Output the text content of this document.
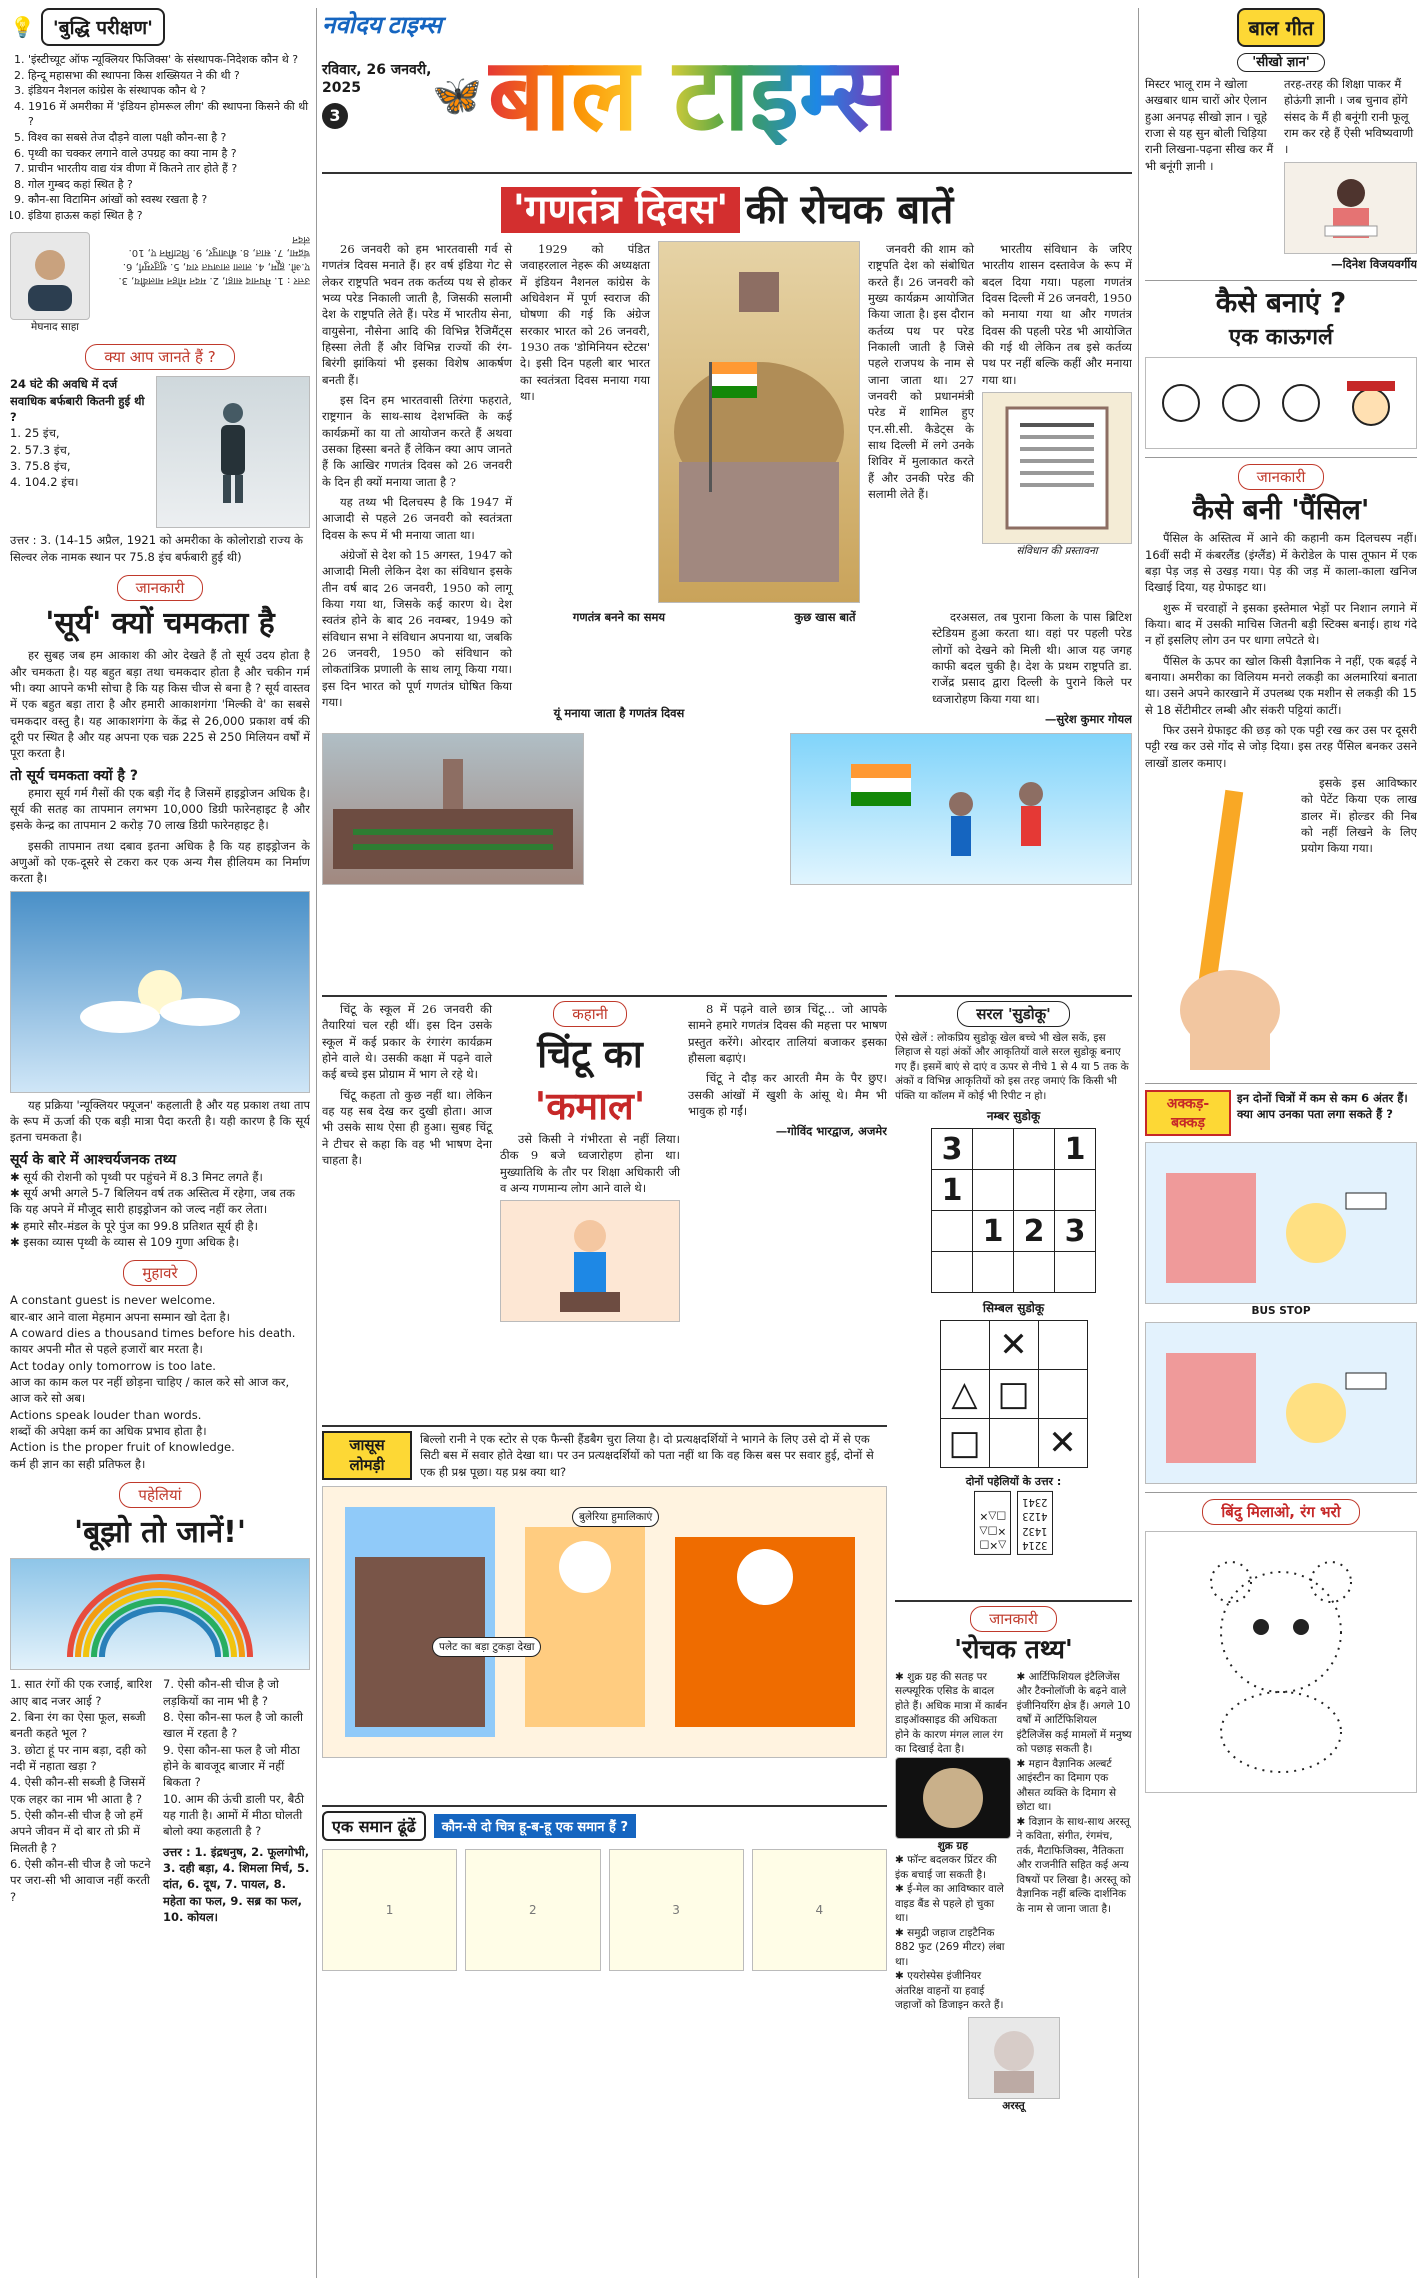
💡 'बुद्धि परीक्षण'
1. 'इंस्टीच्यूट ऑफ न्यूक्लियर फिजिक्स' के संस्थापक-निदेशक कौन थे ?
2. हिन्दू महासभा की स्थापना किस शख्सियत ने की थी ?
3. इंडियन नैशनल कांग्रेस के संस्थापक कौन थे ?
4. 1916 में अमरीका में 'इंडियन होमरूल लीग' की स्थापना किसने की थी ?
5. विश्व का सबसे तेज दौड़ने वाला पक्षी कौन-सा है ?
6. पृथ्वी का चक्कर लगाने वाले उपग्रह का क्या नाम है ?
7. प्राचीन भारतीय वाद्य यंत्र वीणा में कितने तार होते हैं ?
8. गोल गुम्बद कहां स्थित है ?
9. कौन-सा विटामिन आंखों को स्वस्थ रखता है ?
10. इंडिया हाऊस कहां स्थित है ?
मेघनाद साहा
उत्तर : 1. मेघनाद साहा, 2. मदन मोहन मालवीय, 3. ए.ओ. ह्यूम, 4. लाला लाजपत राय, 5. शुतुरमुर्ग, 6. चंद्रमा, 7. सात, 8. बीजापुर, 9. विटामिन ए, 10. लंदन
क्या आप जानते हैं ?
24 घंटे की अवधि में दर्ज सवाधिक बर्फबारी कितनी हुई थी ?
1. 25 इंच,
2. 57.3 इंच,
3. 75.8 इंच,
4. 104.2 इंच।
उत्तर : 3. (14-15 अप्रैल, 1921 को अमरीका के कोलोराडो राज्य के सिल्वर लेक नामक स्थान पर 75.8 इंच बर्फबारी हुई थी)
जानकारी
'सूर्य' क्यों चमकता है

हर सुबह जब हम आकाश की ओर देखते हैं तो सूर्य उदय होता है और चमकता है। यह बहुत बड़ा तथा चमकदार होता है और चकीन गर्म भी। क्या आपने कभी सोचा है कि यह किस चीज से बना है ? सूर्य वास्तव में एक बहुत बड़ा तारा है और हमारी आकाशगंगा 'मिल्की वे' का सबसे चमकदार वस्तु है। यह आकाशगंगा के केंद्र से 26,000 प्रकाश वर्ष की दूरी पर स्थित है और यह अपना एक चक्र 225 से 250 मिलियन वर्षों में पूरा करता है।

तो सूर्य चमकता क्यों है ?

हमारा सूर्य गर्म गैसों की एक बड़ी गेंद है जिसमें हाइड्रोजन अधिक है। सूर्य की सतह का तापमान लगभग 10,000 डिग्री फारेनहाइट है और इसके केन्द्र का तापमान 2 करोड़ 70 लाख डिग्री फारेनहाइट है।

इसकी तापमान तथा दबाव इतना अधिक है कि यह हाइड्रोजन के अणुओं को एक-दूसरे से टकरा कर एक अन्य गैस हीलियम का निर्माण करता है।

यह प्रक्रिया 'न्यूक्लियर फ्यूजन' कहलाती है और यह प्रकाश तथा ताप के रूप में ऊर्जा की एक बड़ी मात्रा पैदा करती है। यही कारण है कि सूर्य इतना चमकता है।

सूर्य के बारे में आश्चर्यजनक तथ्य
✱ सूर्य की रोशनी को पृथ्वी पर पहुंचने में 8.3 मिनट लगते हैं।
✱ सूर्य अभी अगले 5-7 बिलियन वर्ष तक अस्तित्व में रहेगा, जब तक कि यह अपने में मौजूद सारी हाइड्रोजन को जल्द नहीं कर लेता।
✱ हमारे सौर-मंडल के पूरे पुंज का 99.8 प्रतिशत सूर्य ही है।
✱ इसका व्यास पृथ्वी के व्यास से 109 गुणा अधिक है।
मुहावरे
A constant guest is never welcome.
बार-बार आने वाला मेहमान अपना सम्मान खो देता है।
A coward dies a thousand times before his death.
कायर अपनी मौत से पहले हजारों बार मरता है।
Act today only tomorrow is too late.
आज का काम कल पर नहीं छोड़ना चाहिए / काल करे सो आज कर, आज करे सो अब।
Actions speak louder than words.
शब्दों की अपेक्षा कर्म का अधिक प्रभाव होता है।
Action is the proper fruit of knowledge.
कर्म ही ज्ञान का सही प्रतिफल है।
पहेलियां
'बूझो तो जानें!'
1. सात रंगों की एक रजाई, बारिश आए बाद नजर आई ?
2. बिना रंग का ऐसा फूल, सब्जी बनती कहते भूल ?
3. छोटा हूं पर नाम बड़ा, दही को नदी में नहाता खड़ा ?
4. ऐसी कौन-सी सब्जी है जिसमें एक लहर का नाम भी आता है ?
5. ऐसी कौन-सी चीज है जो हमें अपने जीवन में दो बार तो फ्री में मिलती है ?
6. ऐसी कौन-सी चीज है जो फटने पर जरा-सी भी आवाज नहीं करती ?
7. ऐसी कौन-सी चीज है जो लड़कियों का नाम भी है ?
8. ऐसा कौन-सा फल है जो काली खाल में रहता है ?
9. ऐसा कौन-सा फल है जो मीठा होने के बावजूद बाजार में नहीं बिकता ?
10. आम की ऊंची डाली पर, बैठी यह गाती है। आमों में मीठा घोलती बोलो क्या कहलाती है ?
उत्तर : 1. इंद्रधनुष, 2. फूलगोभी, 3. दही बड़ा, 4. शिमला मिर्च, 5. दांत, 6. दूध, 7. पायल, 8. महेता का फल, 9. सब्र का फल, 10. कोयल।
नवोदय टाइम्स
रविवार, 26 जनवरी, 2025
3	🦋 बाल टाइम्स
'गणतंत्र दिवस' की रोचक बातें

26 जनवरी को हम भारतवासी गर्व से गणतंत्र दिवस मनाते हैं। हर वर्ष इंडिया गेट से लेकर राष्ट्रपति भवन तक कर्तव्य पथ से होकर भव्य परेड निकाली जाती है, जिसकी सलामी देश के राष्ट्रपति लेते हैं। परेड में भारतीय सेना, वायुसेना, नौसेना आदि की विभिन्न रैजिमैंट्स हिस्सा लेती हैं और विभिन्न राज्यों की रंग-बिरंगी झांकियां भी इसका विशेष आकर्षण बनती हैं।

इस दिन हम भारतवासी तिरंगा फहराते, राष्ट्रगान के साथ-साथ देशभक्ति के कई कार्यक्रमों का या तो आयोजन करते हैं अथवा उसका हिस्सा बनते हैं लेकिन क्या आप जानते हैं कि आखिर गणतंत्र दिवस को 26 जनवरी के दिन ही क्यों मनाया जाता है ?

यह तथ्य भी दिलचस्प है कि 1947 में आजादी से पहले 26 जनवरी को स्वतंत्रता दिवस के रूप में भी मनाया जाता था।

अंग्रेजों से देश को 15 अगस्त, 1947 को आजादी मिली लेकिन देश का संविधान इसके तीन वर्ष बाद 26 जनवरी, 1950 को लागू किया गया था, जिसके कई कारण थे। देश स्वतंत्र होने के बाद 26 नवम्बर, 1949 को संविधान सभा ने संविधान अपनाया था, जबकि 26 जनवरी, 1950 को संविधान को लोकतांत्रिक प्रणाली के साथ लागू किया गया। इस दिन भारत को पूर्ण गणतंत्र घोषित किया गया।

1929 को पंडित जवाहरलाल नेहरू की अध्यक्षता में इंडियन नैशनल कांग्रेस के अधिवेशन में पूर्ण स्वराज की घोषणा की गई कि अंग्रेज सरकार भारत को 26 जनवरी, 1930 तक 'डोमिनियन स्टेटस' दे। इसी दिन पहली बार भारत का स्वतंत्रता दिवस मनाया गया था।

जनवरी की शाम को राष्ट्रपति देश को संबोधित करते हैं। 26 जनवरी को मुख्य कार्यक्रम आयोजित किया जाता है। इस दौरान कर्तव्य पथ पर परेड निकाली जाती है जिसे पहले राजपथ के नाम से जाना जाता था। 27 जनवरी को प्रधानमंत्री परेड में शामिल हुए एन.सी.सी. कैडेट्स के साथ दिल्ली में लगे उनके शिविर में मुलाकात करते हैं और उनकी परेड की सलामी लेते हैं।

भारतीय संविधान के जरिए भारतीय शासन दस्तावेज के रूप में बदल दिया गया। पहला गणतंत्र दिवस दिल्ली में 26 जनवरी, 1950 को मनाया गया था और गणतंत्र दिवस की पहली परेड भी आयोजित की गई थी लेकिन तब इसे कर्तव्य पथ पर नहीं बल्कि कहीं और मनाया गया था।

संविधान की प्रस्तावना
गणतंत्र बनने का समय
यूं मनाया जाता है गणतंत्र दिवस
कुछ खास बातें	दरअसल, तब पुराना किला के पास ब्रिटिश स्टेडियम हुआ करता था। वहां पर पहली परेड लोगों को देखने को मिली थी। आज यह जगह काफी बदल चुकी है। देश के प्रथम राष्ट्रपति डा. राजेंद्र प्रसाद द्वारा दिल्ली के पुराने किले पर ध्वजारोहण किया गया था।

—सुरेश कुमार गोयल

चिंटू के स्कूल में 26 जनवरी की तैयारियां चल रही थीं। इस दिन उसके स्कूल में कई प्रकार के रंगारंग कार्यक्रम होने वाले थे। उसकी कक्षा में पढ़ने वाले कई बच्चे इस प्रोग्राम में भाग ले रहे थे।

चिंटू कहता तो कुछ नहीं था। लेकिन वह यह सब देख कर दुखी होता। आज भी उसके साथ ऐसा ही हुआ। सुबह चिंटू ने टीचर से कहा कि वह भी भाषण देना चाहता है।

कहानी
चिंटू का
'कमाल'

उसे किसी ने गंभीरता से नहीं लिया। ठीक 9 बजे ध्वजारोहण होना था। मुख्यातिथि के तौर पर शिक्षा अधिकारी जी व अन्य गणमान्य लोग आने वाले थे।

8 में पढ़ने वाले छात्र चिंटू... जो आपके सामने हमारे गणतंत्र दिवस की महत्ता पर भाषण प्रस्तुत करेंगे। ओरदार तालियां बजाकर इसका हौसला बढ़ाएं।

चिंटू ने दौड़ कर आरती मैम के पैर छुए। उसकी आंखों में खुशी के आंसू थे। मैम भी भावुक हो गईं।

—गोविंद भारद्वाज, अजमेर
सरल 'सुडोकू'
ऐसे खेलें : लोकप्रिय सुडोकू खेल बच्चे भी खेल सकें, इस लिहाज से यहां अंकों और आकृतियों वाले सरल सुडोकू बनाए गए हैं। इसमें बाएं से दाएं व ऊपर से नीचे 1 से 4 या 5 तक के अंकों व विभिन्न आकृतियों को इस तरह जमाएं कि किसी भी पंक्ति या कॉलम में कोई भी रिपीट न हो।
नम्बर सुडोकू
3			1
1			
	1	2	3

सिम्बल सुडोकू
	✕	
△	□	
□		✕
दोनों पहेलियों के उत्तर :
3214
1432
4123
2341
△✕□
✕□△
□△✕
जासूस लोमड़ी
बिल्लो रानी ने एक स्टोर से एक फैन्सी हैंडबैग चुरा लिया है। दो प्रत्यक्षदर्शियों ने भागने के लिए उसे दो में से एक सिटी बस में सवार होते देखा था। पर उन प्रत्यक्षदर्शियों को पता नहीं था कि वह किस बस पर सवार हुई, दोनों से एक ही प्रश्न पूछा। यह प्रश्न क्या था?
बुलेरिया हुमालिकाएं
पलेट का बड़ा टुकड़ा देखा
एक समान ढूंढें	कौन-से दो चित्र हू-ब-हू एक समान हैं ?
1	2	3	4
जानकारी
'रोचक तथ्य'
✱ शुक्र ग्रह की सतह पर सल्फ्यूरिक एसिड के बादल होते हैं। अधिक मात्रा में कार्बन डाइऑक्साइड की अधिकता होने के कारण मंगल लाल रंग का दिखाई देता है।
शुक्र ग्रह
✱ फॉन्ट बदलकर प्रिंटर की इंक बचाई जा सकती है।
✱ ई-मेल का आविष्कार वाले वाइड बैंड से पहले हो चुका था।
✱ समुद्री जहाज टाइटैनिक 882 फुट (269 मीटर) लंबा था।
✱ एयरोस्पेस इंजीनियर अंतरिक्ष वाहनों या हवाई जहाजों को डिजाइन करते हैं।
✱ आर्टिफिशियल इंटैलिजेंस और टैक्नोलॉजी के बढ़ने वाले इंजीनियरिंग क्षेत्र हैं। अगले 10 वर्षों में आर्टिफिशियल इंटैलिजेंस कई मामलों में मनुष्य को पछाड़ सकती है।
✱ महान वैज्ञानिक अल्बर्ट आइंस्टीन का दिमाग एक औसत व्यक्ति के दिमाग से छोटा था।
✱ विज्ञान के साथ-साथ अरस्तू ने कविता, संगीत, रंगमंच, तर्क, मैटाफिजिक्स, नैतिकता और राजनीति सहित कई अन्य विषयों पर लिखा है। अरस्तू को वैज्ञानिक नहीं बल्कि दार्शनिक के नाम से जाना जाता है।
अरस्तू
बाल गीत
'सीखो ज्ञान'
मिस्टर भालू राम ने खोला अखबार धाम चारों ओर ऐलान हुआ अनपढ़ सीखो ज्ञान । चूहे राजा से यह सुन बोली चिड़िया रानी लिखना-पढ़ना सीख कर मैं भी बनूंगी ज्ञानी ।
तरह-तरह की शिक्षा पाकर मैं होऊंगी ज्ञानी । जब चुनाव होंगे संसद के मैं ही बनूंगी रानी फूलू राम कर रहे हैं ऐसी भविष्यवाणी ।
—दिनेश विजयवर्गीय
कैसे बनाएं ?
एक काऊगर्ल
जानकारी
कैसे बनी 'पैंसिल'

पैंसिल के अस्तित्व में आने की कहानी कम दिलचस्प नहीं। 16वीं सदी में कंबरलैंड (इंग्लैंड) में केरोडेल के पास तूफान में एक बड़ा पेड़ जड़ से उखड़ गया। पेड़ की जड़ में काला-काला खनिज दिखाई दिया, यह ग्रेफाइट था।

शुरू में चरवाहों ने इसका इस्तेमाल भेड़ों पर निशान लगाने में किया। बाद में उसकी माचिस जितनी बड़ी स्टिक्स बनाई। हाथ गंदे न हों इसलिए लोग उन पर धागा लपेटते थे।

पैंसिल के ऊपर का खोल किसी वैज्ञानिक ने नहीं, एक बढ़ई ने बनाया। अमरीका का विलियम मनरो लकड़ी का अलमारियां बनाता था। उसने अपने कारखाने में उपलब्ध एक मशीन से लकड़ी की 15 से 18 सेंटीमीटर लम्बी और संकरी पट्टियां काटीं।

फिर उसने ग्रेफाइट की छड़ को एक पट्टी रख कर उस पर दूसरी पट्टी रख कर उसे गोंद से जोड़ दिया। इस तरह पैंसिल बनकर उसने लाखों डालर कमाए।

इसके इस आविष्कार को पेटेंट किया एक लाख डालर में। होल्डर की निब को नहीं लिखने के लिए प्रयोग किया गया।

अक्कड़-बक्कड़
इन दोनों चित्रों में कम से कम 6 अंतर हैं। क्या आप उनका पता लगा सकते हैं ?
BUS STOP
बिंदु मिलाओ, रंग भरो
